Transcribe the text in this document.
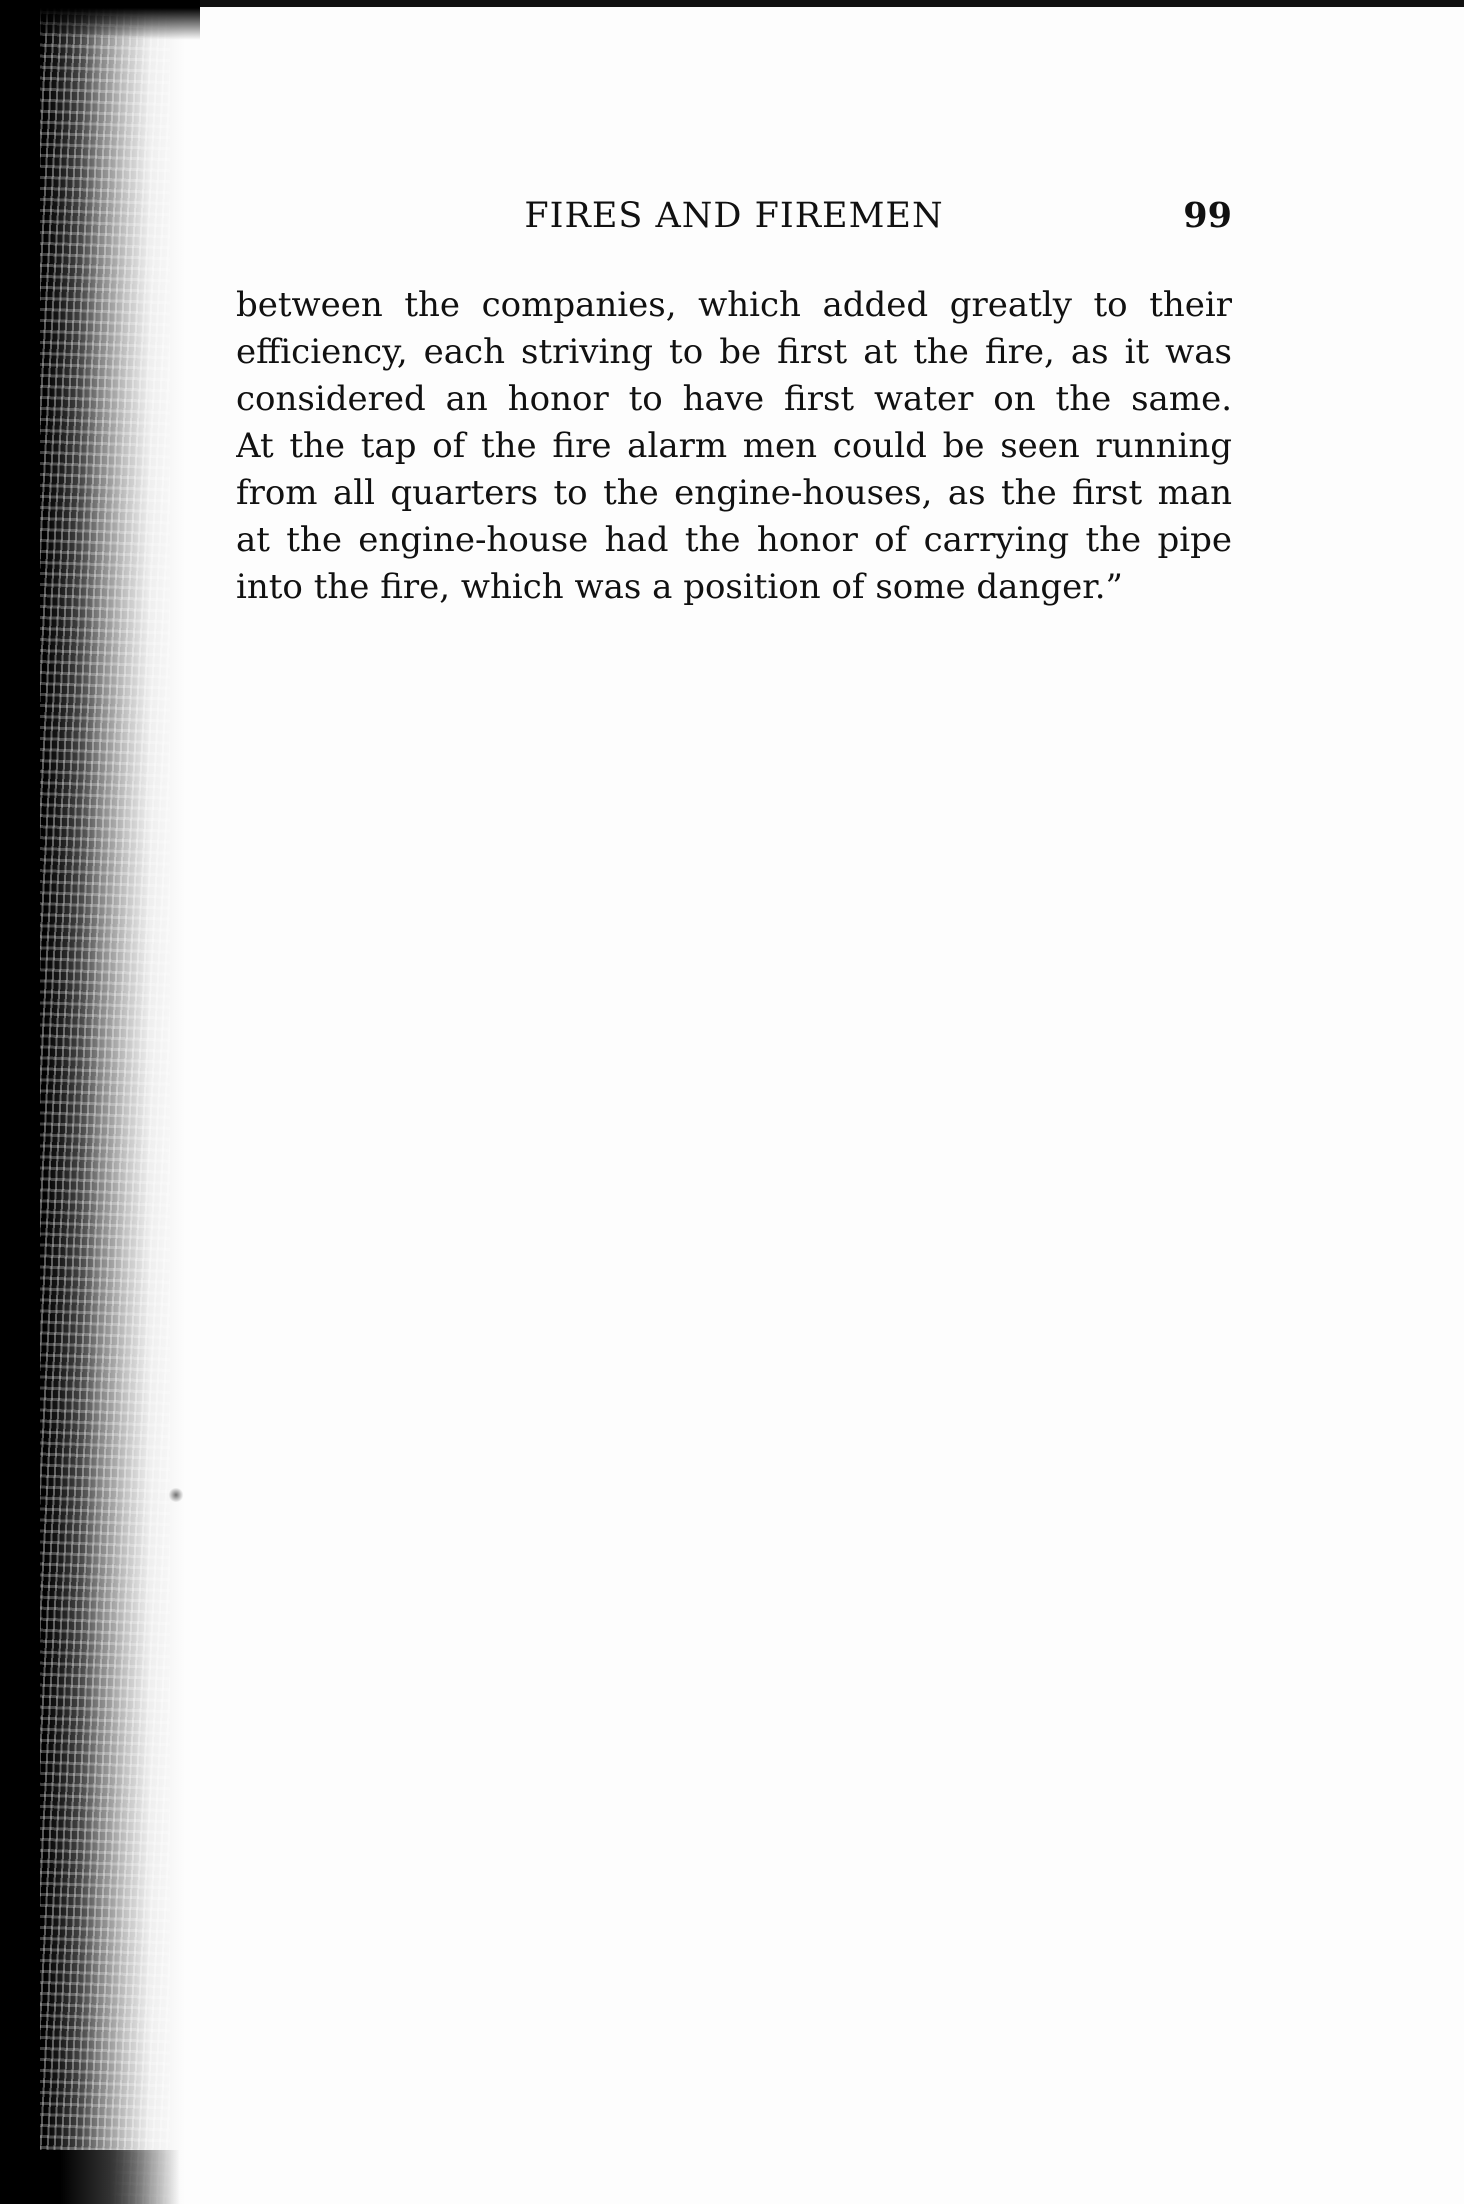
FIRES AND FIREMEN	99

between the companies, which added greatly to their
efficiency, each striving to be first at the fire, as it was
considered an honor to have first water on the same.
At the tap of the fire alarm men could be seen running
from all quarters to the engine-houses, as the first man
at the engine-house had the honor of carrying the pipe
into the fire, which was a position of some danger.”
